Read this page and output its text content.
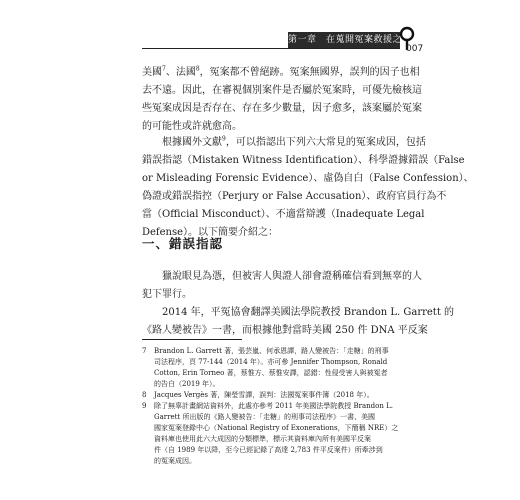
第一章　在蒐開冤案救援之前
007
美國$^7$、法國$^8$，冤案都不曾絕跡。冤案無國界，誤判的因子也相
去不遠。因此，在審視個別案件是否屬於冤案時，可優先檢核這
些冤案成因是否存在、存在多少數量，因子愈多，該案屬於冤案
的可能性或許就愈高。
根據國外文獻$^9$，可以指認出下列六大常見的冤案成因，包括
錯誤指認（Mistaken Witness Identification）、科學證據錯誤（False
or Misleading Forensic Evidence）、虛偽自白（False Confession）、
偽證或錯誤指控（Perjury or False Accusation）、政府官員行為不
當（Official Misconduct）、不適當辯護（Inadequate Legal
Defense）。以下簡要介紹之：
一、錯誤指認
獵說眼見為憑，但被害人與證人卻會證稱確信看到無辜的人
犯下罪行。
2014 年，平冤協會翻譯美國法學院教授 Brandon L. Garrett 的
《路人變被告》一書，而根據他對當時美國 250 件 DNA 平反案
7 Brandon L. Garrett 著，張芸嵐、何承恩譯，路人變被告：「走糖」的刑事
司法程序，頁 77-144（2014 年）。亦可參 Jennifer Thompson, Ronald
Cotton, Erin Torneo 著，蔡惟方、蔡惟安譯，認錯：性侵受害人與被冤者
的告白（2019 年）。
8 Jacques Vergès 著，陳瑩雪譯，誤判：法國冤案事件簿（2018 年）。
9 除了無辜計畫網站資料外，此處亦參考 2011 年美國法學院教授 Brandon L.
Garrett 所出版的《路人變被告：「走糖」的刑事司法程序》一書、美國
國家冤案登錄中心（National Registry of Exonerations，下簡稱 NRE）之
資料庫也使用此六大成因的分類標準，標示其資料庫內所有美國平反案
件（自 1989 年以降，至今已經記錄了高達 2,783 件平反案件）所牽涉到
的冤案成因。
